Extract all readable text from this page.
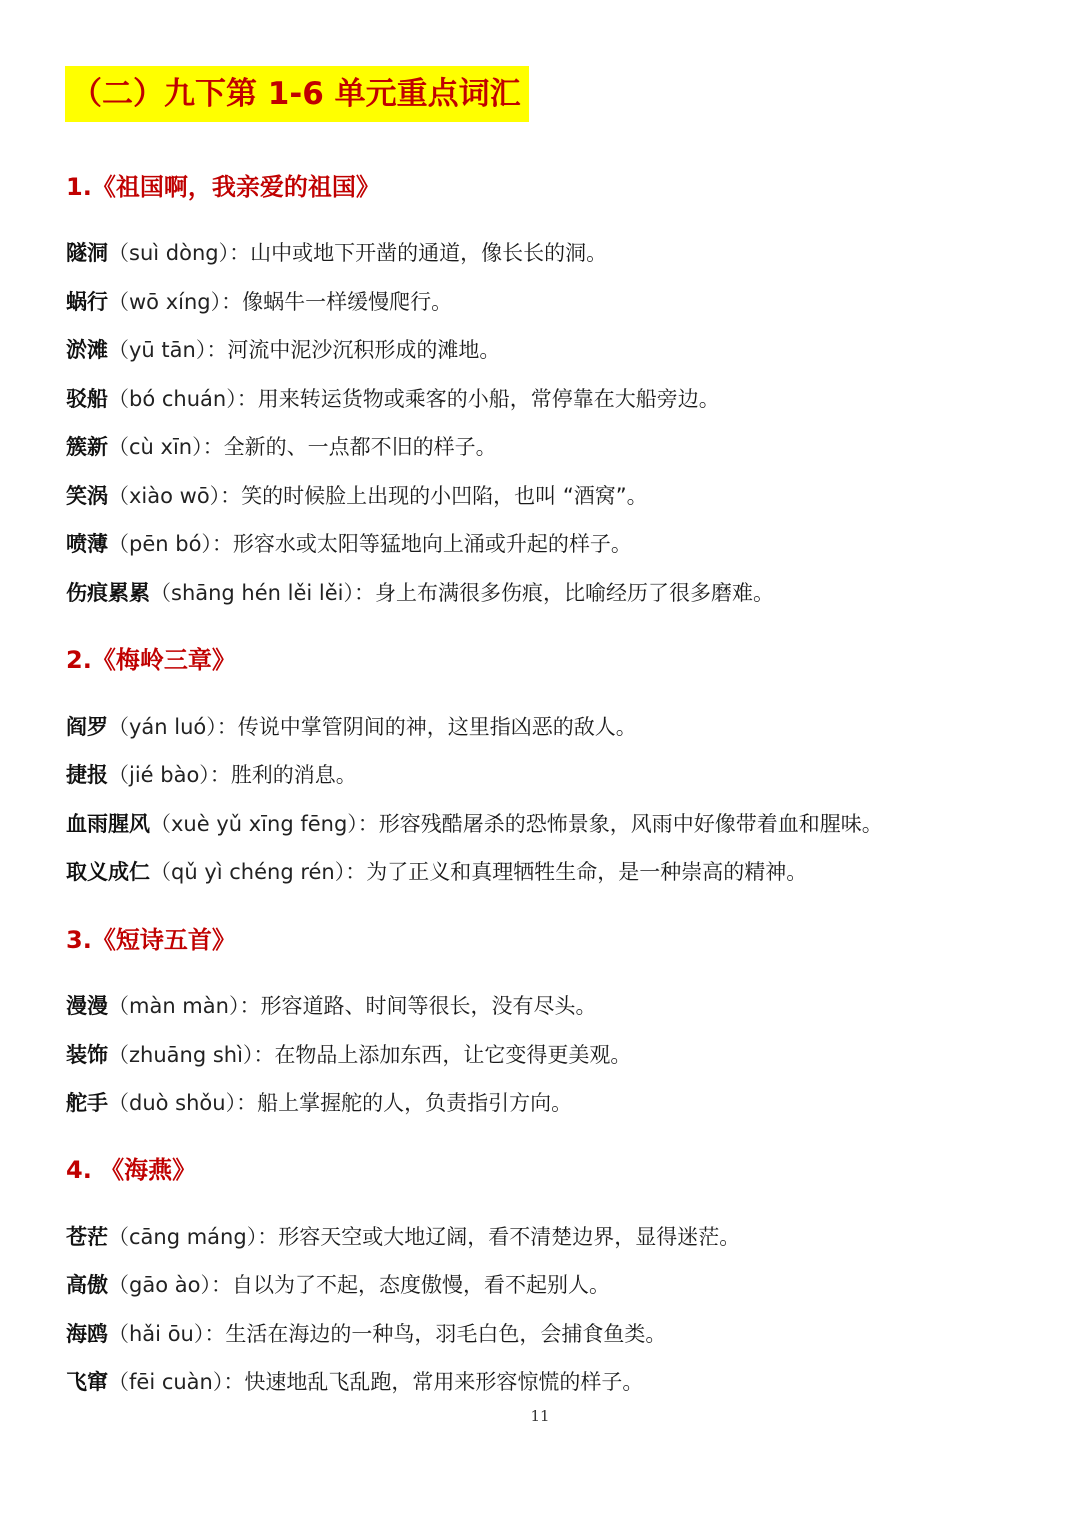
（二）九下第 1-6 单元重点词汇
1.《祖国啊，我亲爱的祖国》
隧洞（suì dòng）：山中或地下开凿的通道，像长长的洞。
蜗行（wō xíng）：像蜗牛一样缓慢爬行。
淤滩（yū tān）：河流中泥沙沉积形成的滩地。
驳船（bó chuán）：用来转运货物或乘客的小船，常停靠在大船旁边。
簇新（cù xīn）：全新的、一点都不旧的样子。
笑涡（xiào wō）：笑的时候脸上出现的小凹陷，也叫 “酒窝”。
喷薄（pēn bó）：形容水或太阳等猛地向上涌或升起的样子。
伤痕累累（shāng hén lěi lěi）：身上布满很多伤痕，比喻经历了很多磨难。
2.《梅岭三章》
阎罗（yán luó）：传说中掌管阴间的神，这里指凶恶的敌人。
捷报（jié bào）：胜利的消息。
血雨腥风（xuè yǔ xīng fēng）：形容残酷屠杀的恐怖景象，风雨中好像带着血和腥味。
取义成仁（qǔ yì chéng rén）：为了正义和真理牺牲生命，是一种崇高的精神。
3.《短诗五首》
漫漫（màn màn）：形容道路、时间等很长，没有尽头。
装饰（zhuāng shì）：在物品上添加东西，让它变得更美观。
舵手（duò shǒu）：船上掌握舵的人，负责指引方向。
4. 《海燕》
苍茫（cāng máng）：形容天空或大地辽阔，看不清楚边界，显得迷茫。
高傲（gāo ào）：自以为了不起，态度傲慢，看不起别人。
海鸥（hǎi ōu）：生活在海边的一种鸟，羽毛白色，会捕食鱼类。
飞窜（fēi cuàn）：快速地乱飞乱跑，常用来形容惊慌的样子。
11
